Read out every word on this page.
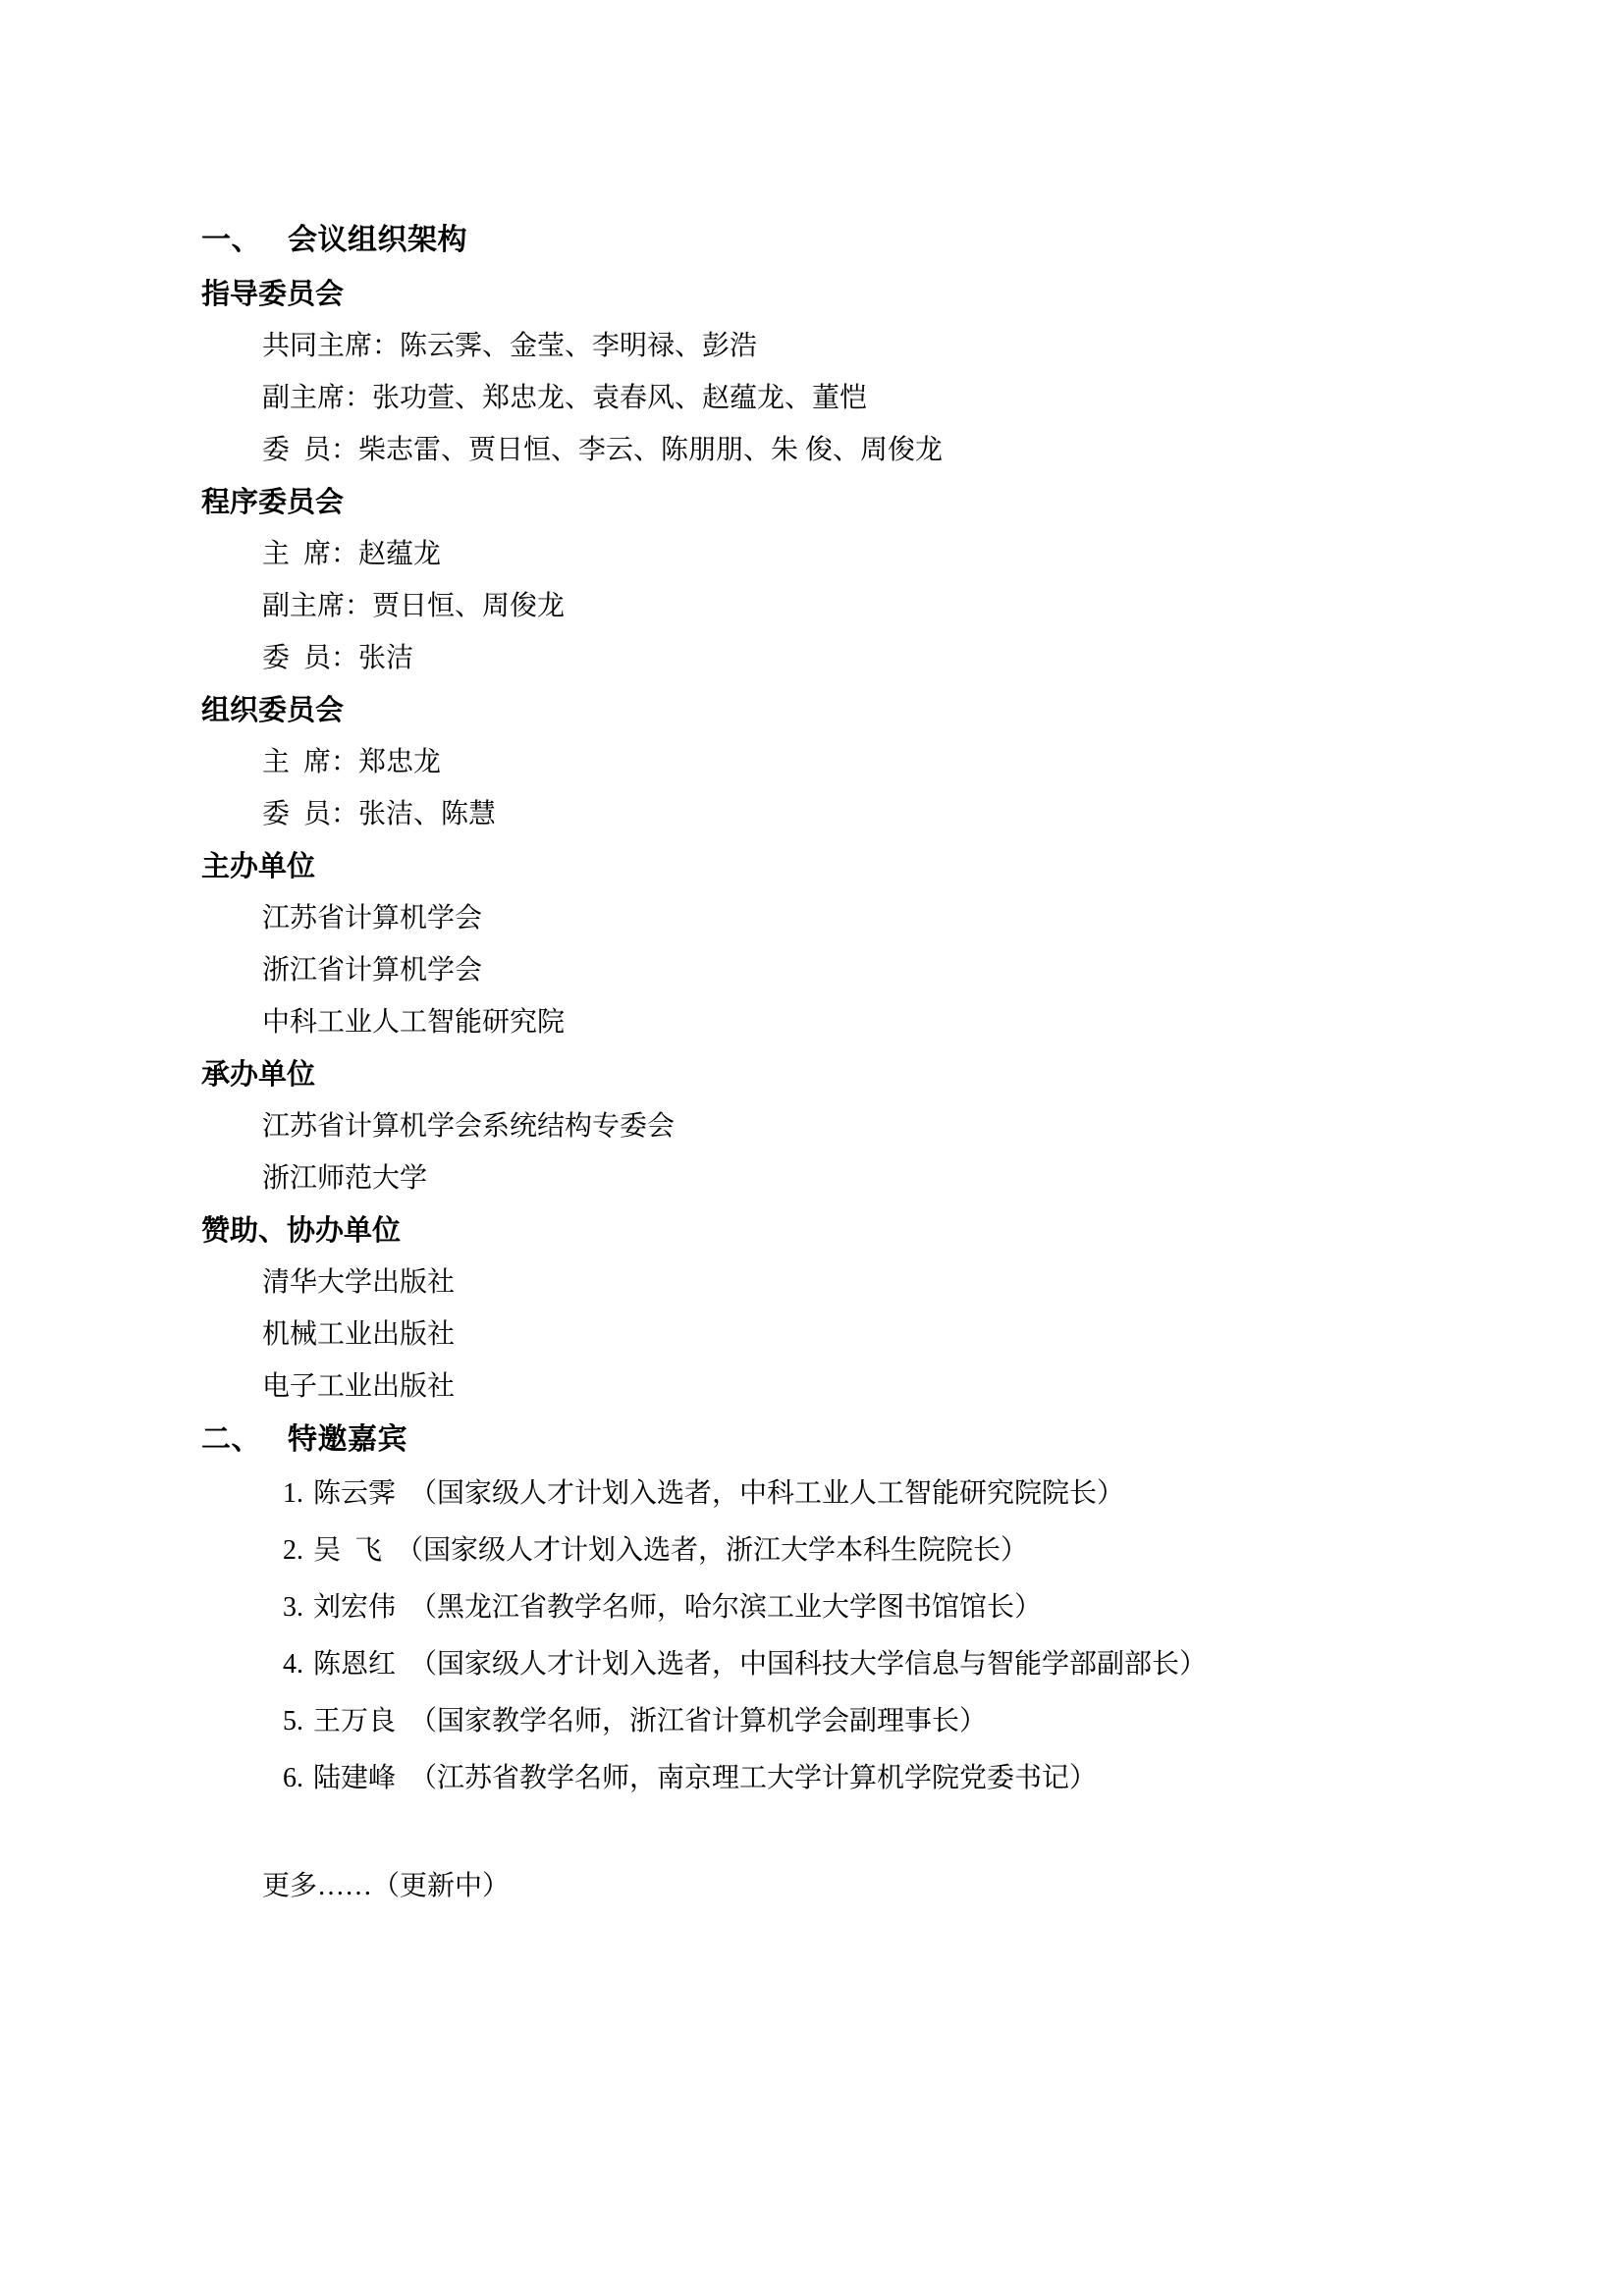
一、 会议组织架构

指导委员会

共同主席：陈云霁、金莹、李明禄、彭浩

副主席：张功萱、郑忠龙、袁春风、赵蕴龙、董恺

委  员：柴志雷、贾日恒、李云、陈朋朋、朱 俊、周俊龙

程序委员会

主  席：赵蕴龙

副主席：贾日恒、周俊龙

委  员：张洁

组织委员会

主  席：郑忠龙

委  员：张洁、陈慧

主办单位

江苏省计算机学会

浙江省计算机学会

中科工业人工智能研究院

承办单位

江苏省计算机学会系统结构专委会

浙江师范大学

赞助、协办单位

清华大学出版社

机械工业出版社

电子工业出版社

二、 特邀嘉宾

1. 陈云霁　 （国家级人才计划入选者，中科工业人工智能研究院院长）
2. 吴  飞　 （国家级人才计划入选者，浙江大学本科生院院长）
3. 刘宏伟　 （黑龙江省教学名师，哈尔滨工业大学图书馆馆长）
4. 陈恩红　 （国家级人才计划入选者，中国科技大学信息与智能学部副部长）
5. 王万良　 （国家教学名师，浙江省计算机学会副理事长）
6. 陆建峰　 （江苏省教学名师，南京理工大学计算机学院党委书记）

更多……（更新中）
